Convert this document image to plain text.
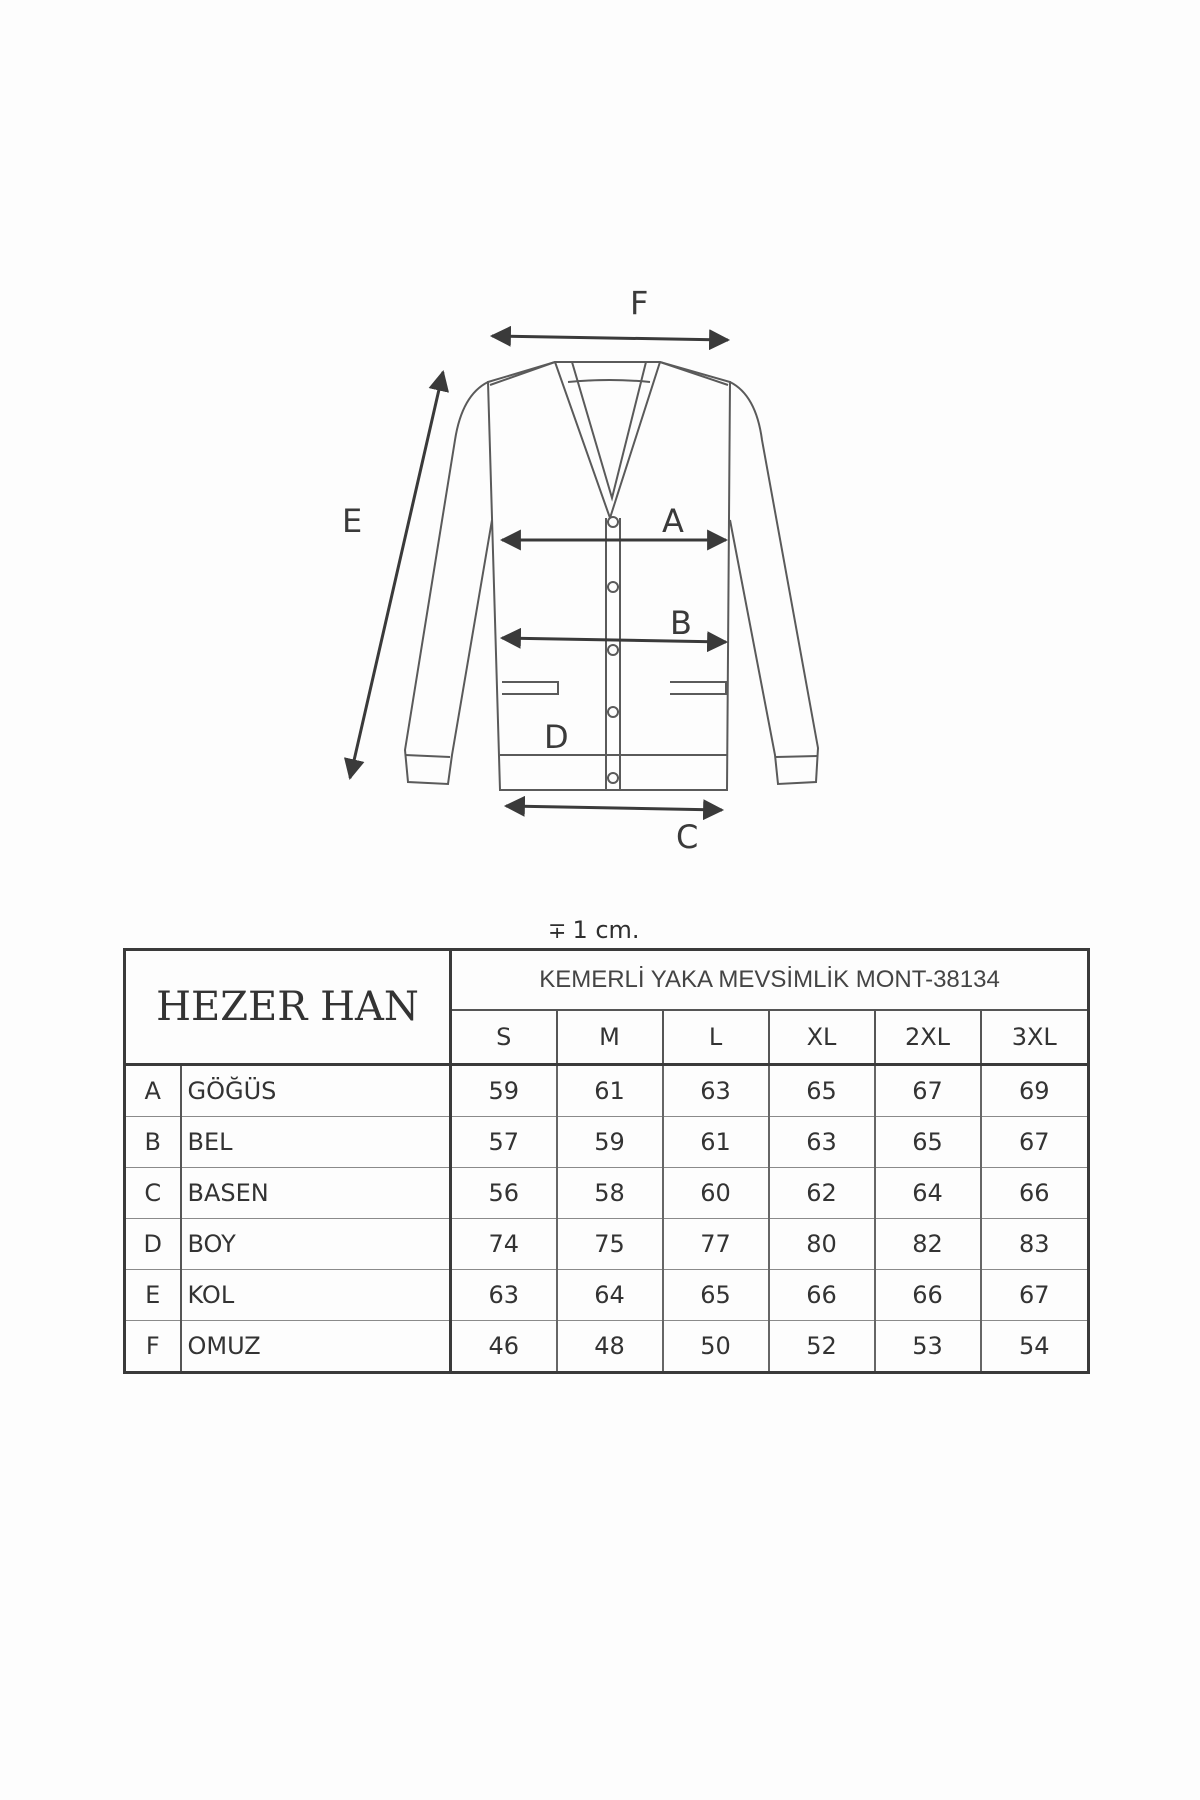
F
A
B
D
C
E
∓ 1 cm.
HEZER HAN		KEMERLİ YAKA MEVSİMLİK MONT-38134					
		S	M	L	XL	2XL	3XL
A	GÖĞÜS	59	61	63	65	67	69
B	BEL	57	59	61	63	65	67
C	BASEN	56	58	60	62	64	66
D	BOY	74	75	77	80	82	83
E	KOL	63	64	65	66	66	67
F	OMUZ	46	48	50	52	53	54
